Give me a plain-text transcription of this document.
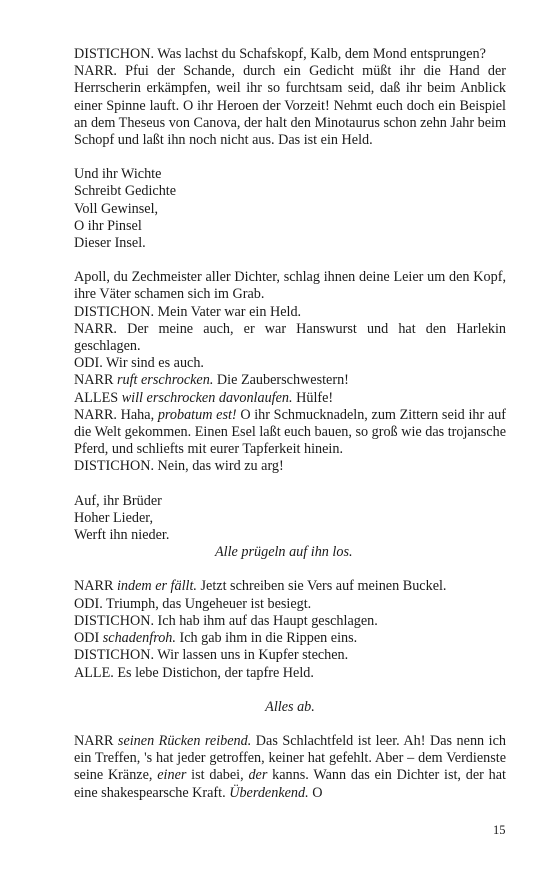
DISTICHON. Was lachst du Schafskopf, Kalb, dem Mond entsprungen?

NARR. Pfui der Schande, durch ein Gedicht müßt ihr die Hand der Herrscherin erkämpfen, weil ihr so furchtsam seid, daß ihr beim Anblick einer Spinne lauft. O ihr Heroen der Vorzeit! Nehmt euch doch ein Beispiel an dem Theseus von Canova, der halt den Minotaurus schon zehn Jahr beim Schopf und laßt ihn noch nicht aus. Das ist ein Held.

Und ihr Wichte

Schreibt Gedichte

Voll Gewinsel,

O ihr Pinsel

Dieser Insel.

Apoll, du Zechmeister aller Dichter, schlag ihnen deine Leier um den Kopf, ihre Väter schamen sich im Grab.

DISTICHON. Mein Vater war ein Held.

NARR. Der meine auch, er war Hanswurst und hat den Harlekin geschlagen.

ODI. Wir sind es auch.

NARR ruft erschrocken. Die Zauberschwestern!

ALLES will erschrocken davonlaufen. Hülfe!

NARR. Haha, probatum est! O ihr Schmucknadeln, zum Zittern seid ihr auf die Welt gekommen. Einen Esel laßt euch bauen, so groß wie das trojansche Pferd, und schliefts mit eurer Tapferkeit hinein.

DISTICHON. Nein, das wird zu arg!

Auf, ihr Brüder

Hoher Lieder,

Werft ihn nieder.

Alle prügeln auf ihn los.

NARR indem er fällt. Jetzt schreiben sie Vers auf meinen Buckel.

ODI. Triumph, das Ungeheuer ist besiegt.

DISTICHON. Ich hab ihm auf das Haupt geschlagen.

ODI schadenfroh. Ich gab ihm in die Rippen eins.

DISTICHON. Wir lassen uns in Kupfer stechen.

ALLE. Es lebe Distichon, der tapfre Held.

Alles ab.

NARR seinen Rücken reibend. Das Schlachtfeld ist leer. Ah! Das nenn ich ein Treffen, 's hat jeder getroffen, keiner hat gefehlt. Aber – dem Verdienste seine Kränze, einer ist dabei, der kanns. Wann das ein Dichter ist, der hat eine shakespearsche Kraft. Überdenkend. O

15
